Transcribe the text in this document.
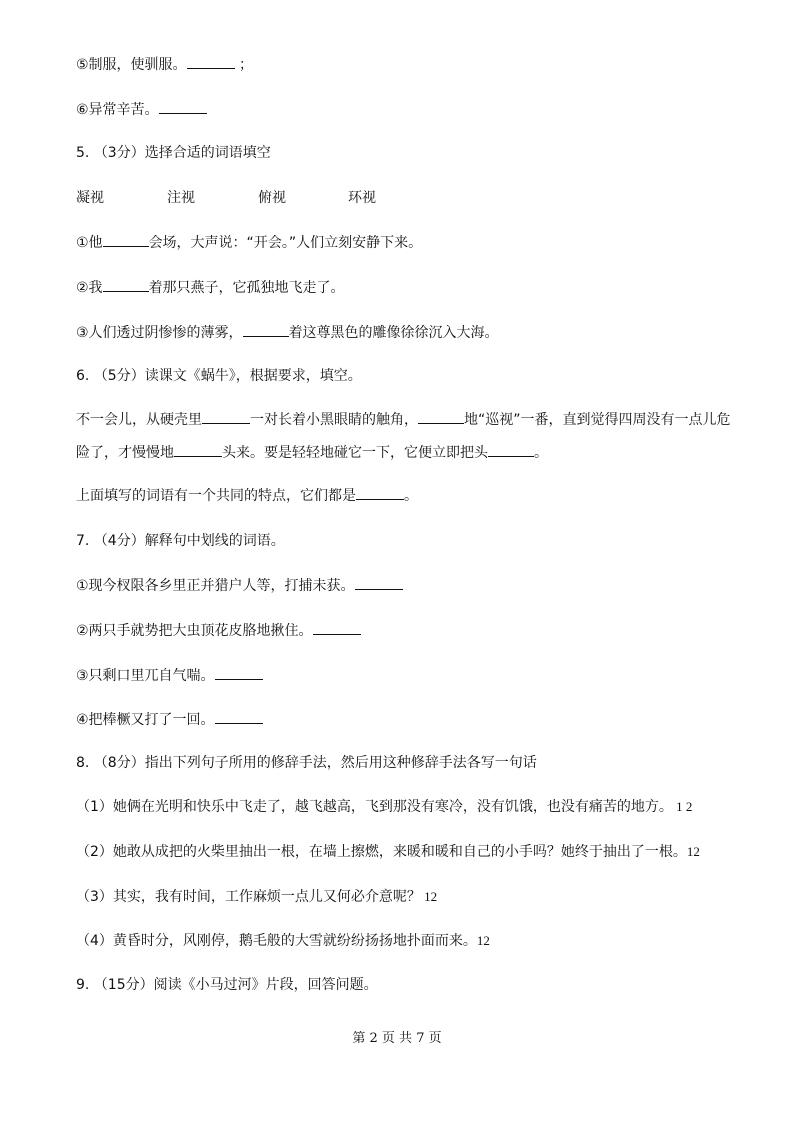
⑤制服，使驯服。	；
⑥异常辛苦。
5. （3分）选择合适的词语填空
凝视	注视	俯视	环视
①他	会场，大声说：“开会。”人们立刻安静下来。
②我	着那只燕子，它孤独地飞走了。
③人们透过阴惨惨的薄雾，	着这尊黑色的雕像徐徐沉入大海。
6. （5分）读课文《蜗牛》，根据要求，填空。
不一会儿，从硬壳里	一对长着小黑眼睛的触角，	地“巡视”一番，直到觉得四周没有一点儿危
险了，才慢慢地	头来。要是轻轻地碰它一下，它便立即把头	。
上面填写的词语有一个共同的特点，它们都是	。
7. （4分）解释句中划线的词语。
①现今杈限各乡里正并猎户人等，打捕未获。
②两只手就势把大虫顶花皮胳地揪住。
③只剩口里兀自气喘。
④把棒橛又打了一回。
8. （8分）指出下列句子所用的修辞手法，然后用这种修辞手法各写一句话
（1）她俩在光明和快乐中飞走了，越飞越高，飞到那没有寒冷，没有饥饿，也没有痛苦的地方。 1 2
（2）她敢从成把的火柴里抽出一根，在墙上擦燃，来暖和暖和自己的小手吗？她终于抽出了一根。12
（3）其实，我有时间，工作麻烦一点儿又何必介意呢？ 12
（4）黄昏时分，风刚停，鹅毛般的大雪就纷纷扬扬地扑面而来。12
9. （15分）阅读《小马过河》片段，回答问题。
第 2 页 共 7 页
